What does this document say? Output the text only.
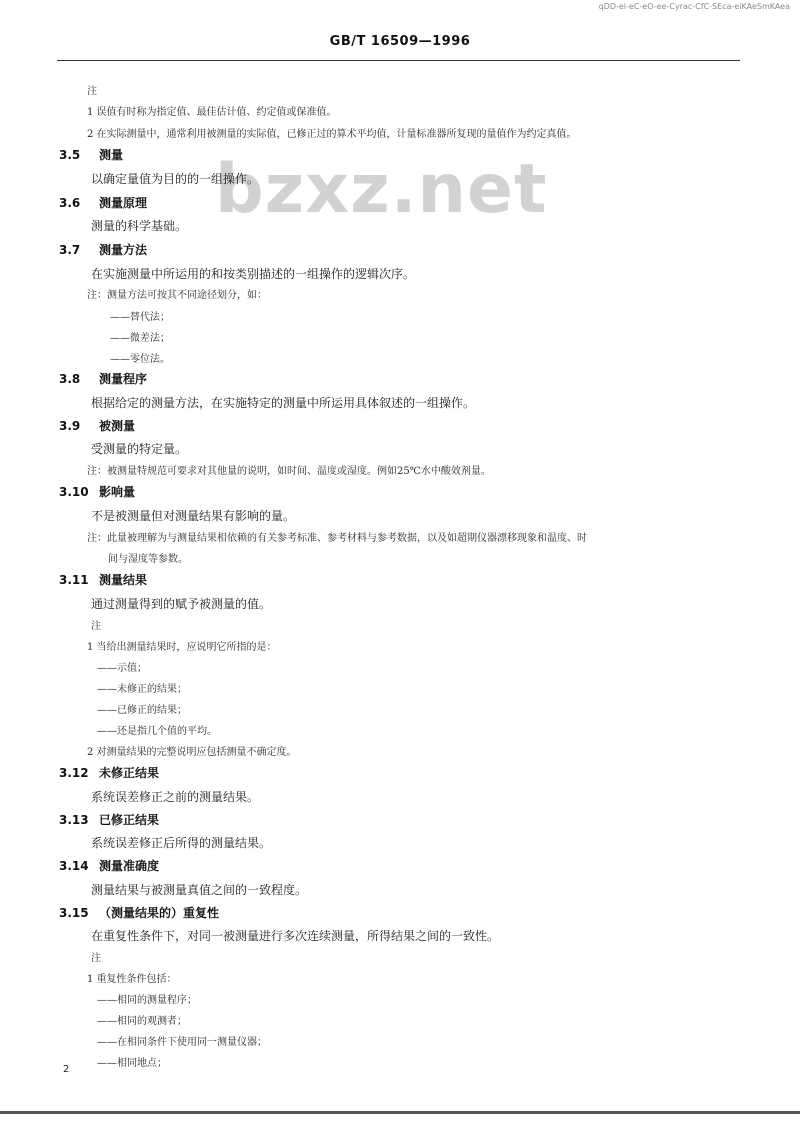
qDD-ei-eC-eO-ee-Cyrac-CfC-SEca-eiKAeSmKAea
GB/T 16509—1996
bzxz.net
注
1 误值有时称为指定值、最佳估计值、约定值或保准值。
2 在实际测量中，通常利用被测量的实际值，已修正过的算术平均值，计量标准器所复现的量值作为约定真值。
3.5 测量
以确定量值为目的的一组操作。
3.6 测量原理
测量的科学基础。
3.7 测量方法
在实施测量中所运用的和按类别描述的一组操作的逻辑次序。
注：测量方法可按其不同途径划分，如：
——替代法；
——微差法；
——零位法。
3.8 测量程序
根据给定的测量方法，在实施特定的测量中所运用具体叙述的一组操作。
3.9 被测量
受测量的特定量。
注：被测量特规范可要求对其他量的说明，如时间、温度或湿度。例如25℃水中酸效剂量。
3.10 影响量
不是被测量但对测量结果有影响的量。
注：此量被理解为与测量结果相依赖的有关参考标准、参考材料与参考数据，以及如超期仪器漂移现象和温度、时
间与湿度等参数。
3.11 测量结果
通过测量得到的赋予被测量的值。
注
1 当给出测量结果时，应说明它所指的是：
——示值；
——未修正的结果；
——已修正的结果；
——还是指几个值的平均。
2 对测量结果的完整说明应包括测量不确定度。
3.12 未修正结果
系统误差修正之前的测量结果。
3.13 已修正结果
系统误差修正后所得的测量结果。
3.14 测量准确度
测量结果与被测量真值之间的一致程度。
3.15 （测量结果的）重复性
在重复性条件下，对同一被测量进行多次连续测量，所得结果之间的一致性。
注
1 重复性条件包括：
——相同的测量程序；
——相同的观测者；
——在相同条件下使用同一测量仪器；
——相同地点；
2
